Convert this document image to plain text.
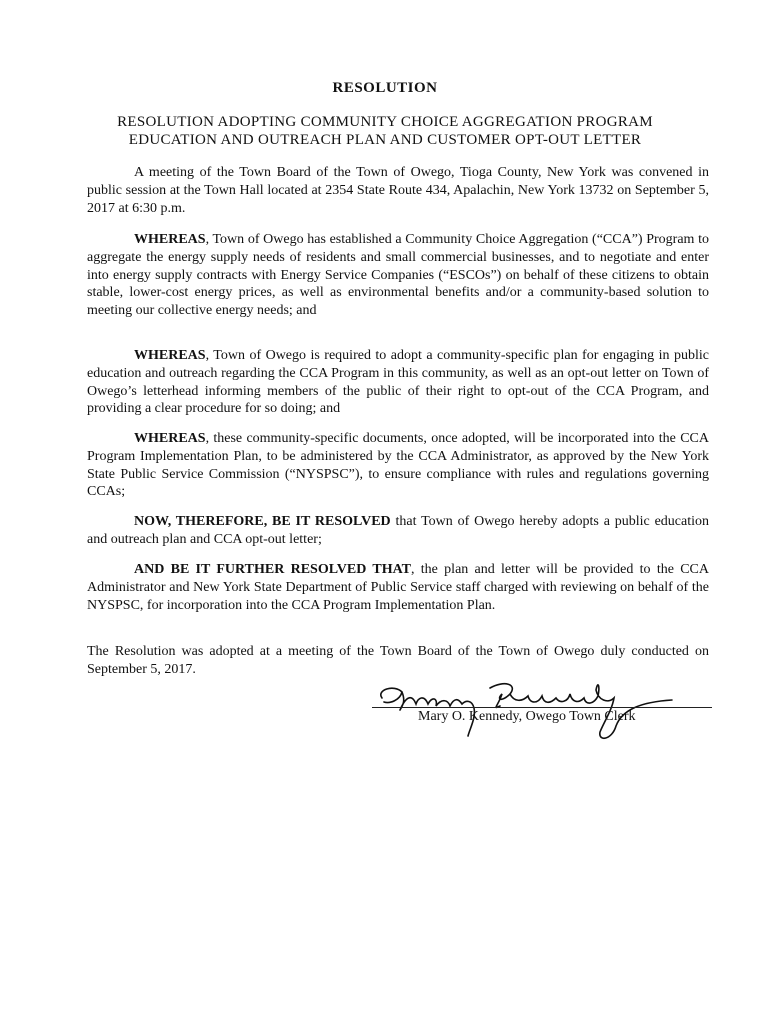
RESOLUTION
RESOLUTION ADOPTING COMMUNITY CHOICE AGGREGATION PROGRAM
EDUCATION AND OUTREACH PLAN AND CUSTOMER OPT-OUT LETTER

A meeting of the Town Board of the Town of Owego, Tioga County, New York was convened in public session at the Town Hall located at 2354 State Route 434, Apalachin, New York 13732 on September 5, 2017 at 6:30 p.m.

WHEREAS, Town of Owego has established a Community Choice Aggregation (“CCA”) Program to aggregate the energy supply needs of residents and small commercial businesses, and to negotiate and enter into energy supply contracts with Energy Service Companies (“ESCOs”) on behalf of these citizens to obtain stable, lower-cost energy prices, as well as environmental benefits and/or a community-based solution to meeting our collective energy needs; and

WHEREAS, Town of Owego is required to adopt a community-specific plan for engaging in public education and outreach regarding the CCA Program in this community, as well as an opt-out letter on Town of Owego’s letterhead informing members of the public of their right to opt-out of the CCA Program, and providing a clear procedure for so doing; and

WHEREAS, these community-specific documents, once adopted, will be incorporated into the CCA Program Implementation Plan, to be administered by the CCA Administrator, as approved by the New York State Public Service Commission (“NYSPSC”), to ensure compliance with rules and regulations governing CCAs;

NOW, THEREFORE, BE IT RESOLVED that Town of Owego hereby adopts a public education and outreach plan and CCA opt-out letter;

AND BE IT FURTHER RESOLVED THAT, the plan and letter will be provided to the CCA Administrator and New York State Department of Public Service staff charged with reviewing on behalf of the NYSPSC, for incorporation into the CCA Program Implementation Plan.

The Resolution was adopted at a meeting of the Town Board of the Town of Owego duly conducted on September 5, 2017.

Mary O. Kennedy, Owego Town Clerk
